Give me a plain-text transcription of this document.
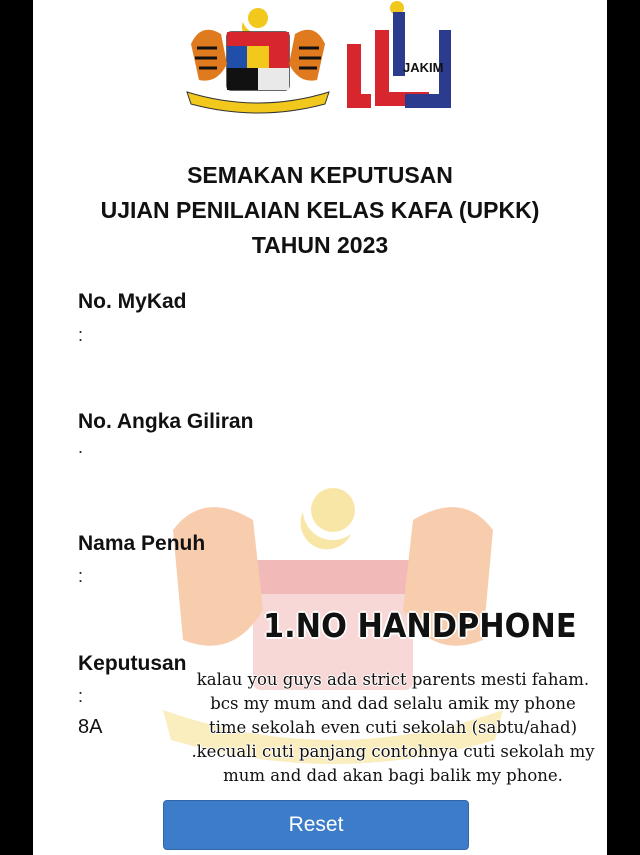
JAKIM
SEMAKAN KEPUTUSAN
UJIAN PENILAIAN KELAS KAFA (UPKK)
TAHUN 2023
No. MyKad
:
No. Angka Giliran
.
Nama Penuh
:
Keputusan
:
8A
1.NO HANDPHONE
kalau you guys ada strict parents mesti faham.
bcs my mum and dad selalu amik my phone
time sekolah even cuti sekolah (sabtu/ahad)
.kecuali cuti panjang contohnya cuti sekolah my
mum and dad akan bagi balik my phone.
Reset
